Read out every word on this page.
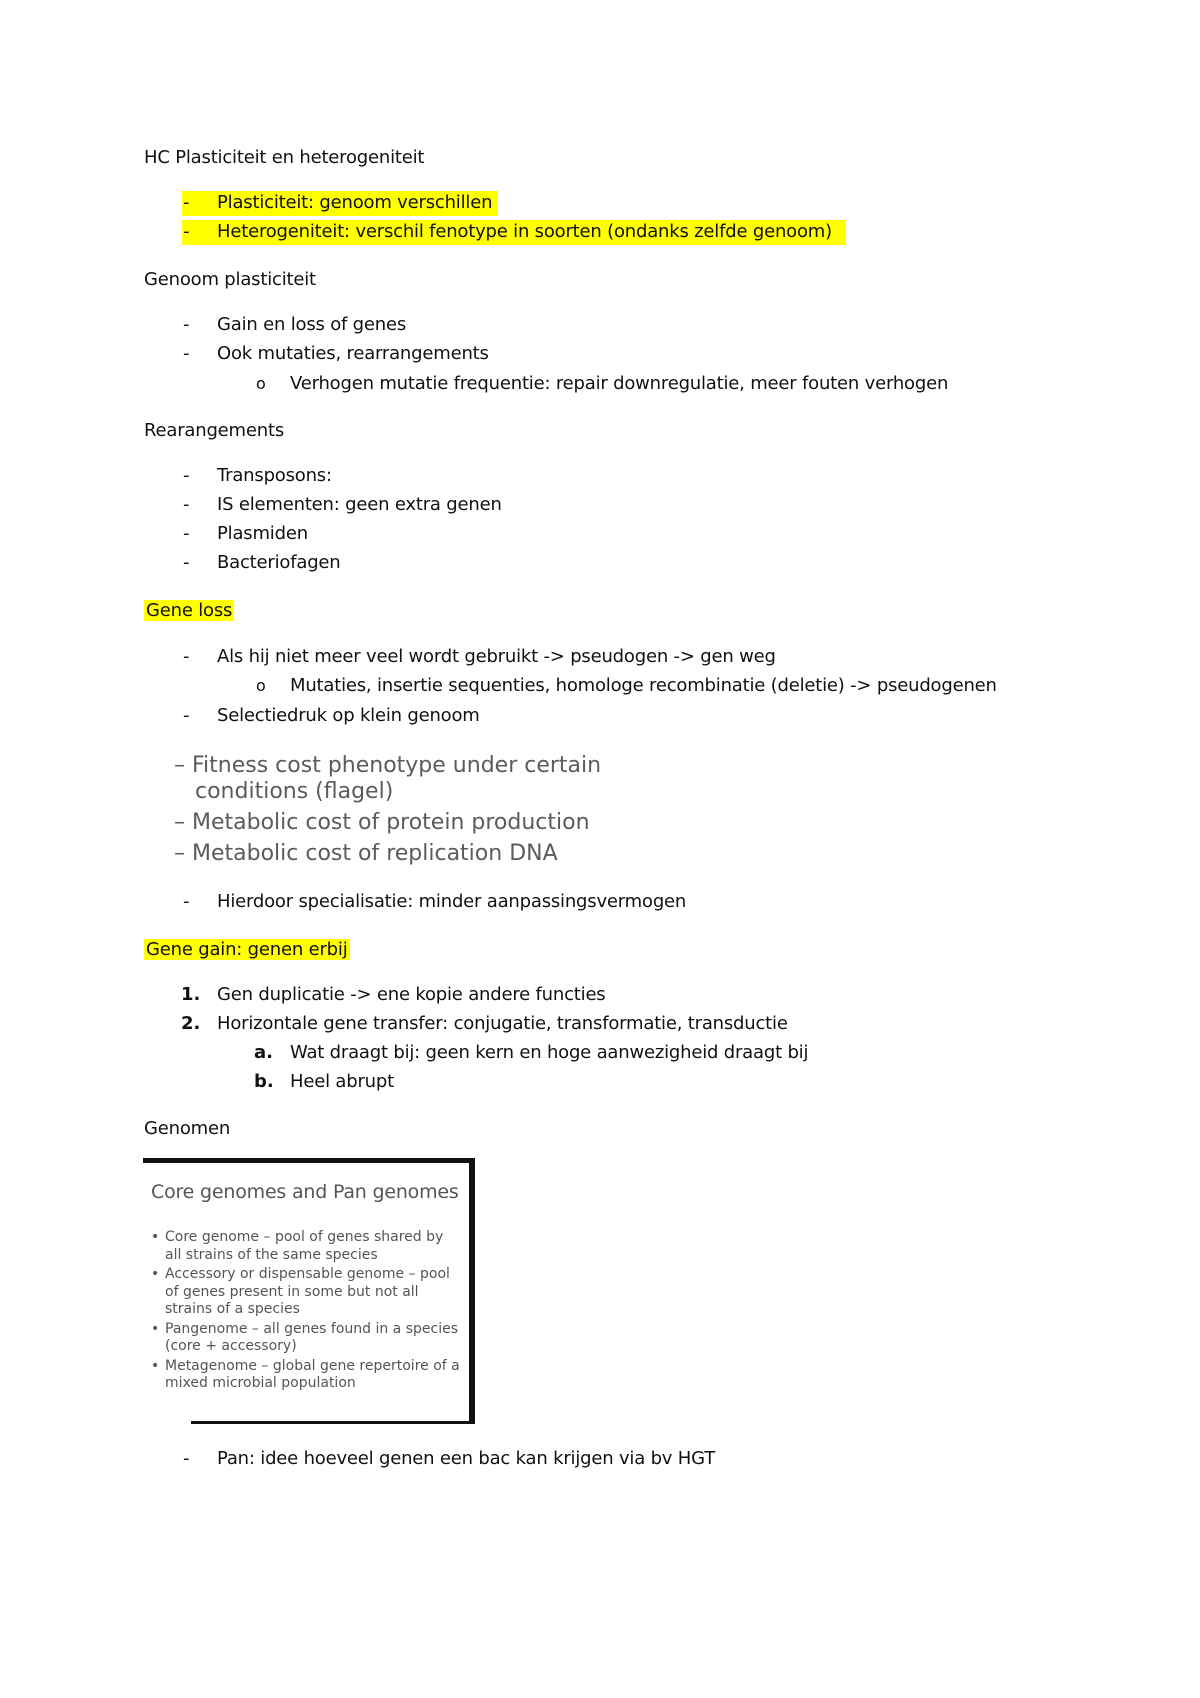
HC Plasticiteit en heterogeniteit
- Plasticiteit: genoom verschillen
- Heterogeniteit: verschil fenotype in soorten (ondanks zelfde genoom)
Genoom plasticiteit
- Gain en loss of genes
- Ook mutaties, rearrangements
o Verhogen mutatie frequentie: repair downregulatie, meer fouten verhogen
Rearangements
- Transposons:
- IS elementen: geen extra genen
- Plasmiden
- Bacteriofagen
Gene loss
- Als hij niet meer veel wordt gebruikt -> pseudogen -> gen weg
o Mutaties, insertie sequenties, homologe recombinatie (deletie) -> pseudogenen
- Selectiedruk op klein genoom
– Fitness cost phenotype under certain
conditions (flagel)
– Metabolic cost of protein production
– Metabolic cost of replication DNA
- Hierdoor specialisatie: minder aanpassingsvermogen
Gene gain: genen erbij
1. Gen duplicatie -> ene kopie andere functies
2. Horizontale gene transfer: conjugatie, transformatie, transductie
a. Wat draagt bij: geen kern en hoge aanwezigheid draagt bij
b. Heel abrupt
Genomen
Core genomes and Pan genomes
• Core genome – pool of genes shared by all strains of the same species
• Accessory or dispensable genome – pool of genes present in some but not all strains of a species
• Pangenome – all genes found in a species (core + accessory)
• Metagenome – global gene repertoire of a mixed microbial population
- Pan: idee hoeveel genen een bac kan krijgen via bv HGT
